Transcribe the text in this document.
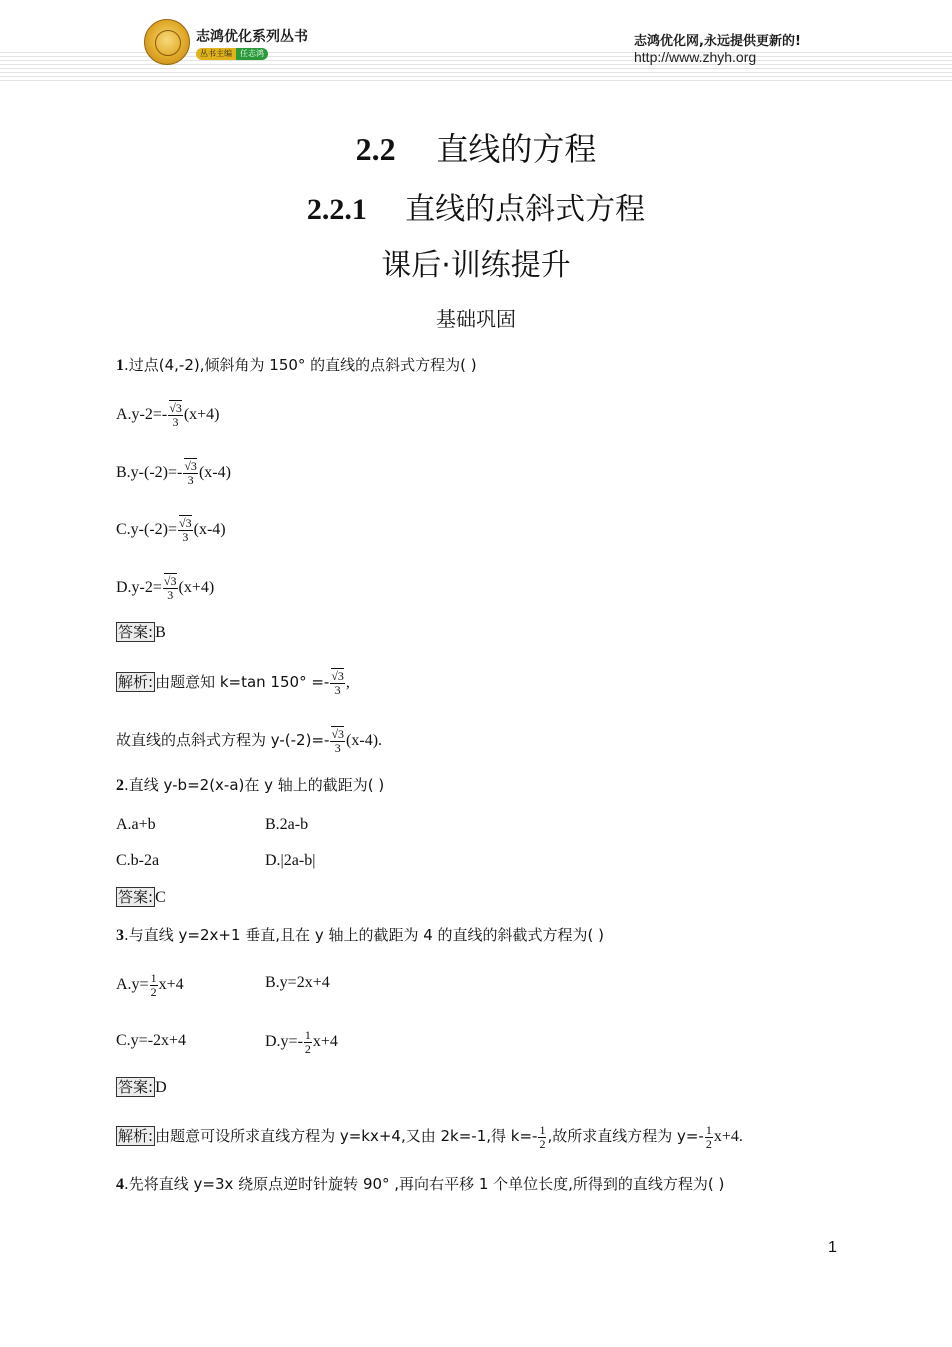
志鸿优化系列丛书
丛书主编	任志鸿
志鸿优化网,永远提供更新的!
http://www.zhyh.org
2.2 直线的方程
2.2.1 直线的点斜式方程
课后·训练提升
基础巩固
1.过点(4,-2),倾斜角为 150° 的直线的点斜式方程为( )
$A.y-2=- \frac{√3}{3} (x+4)$
$B.y-(-2)=- \frac{√3}{3} (x-4)$
$C.y-(-2)= \frac{√3}{3} (x-4)$
$D.y-2= \frac{√3}{3} (x+4)$
答案: B
解析: 由题意知 k=tan $150^\circ =- \frac{√3}{3}$ ,
故直线的点斜式方程为 $y-(-2)=- \frac{√3}{3} (x-4)$.
2.直线 y-b=2(x-a)在 y 轴上的截距为( )
A.a+b	B.2a-b
C.b-2a	D.|2a-b|
答案: C
3.与直线 y=2x+1 垂直,且在 y 轴上的截距为 4 的直线的斜截式方程为( )
$A.y= \frac{1}{2} x+4$	B.y=2x+4
C.y=-2x+4	$D.y=- \frac{1}{2} x+4$
答案: D
解析: 由题意可设所求直线方程为 y=kx+4,又由 2k=-1,得 $k=- \frac{1}{2}$ ,故所求直线方程为 $y=- \frac{1}{2} x+4$.
4.先将直线 y=3x 绕原点逆时针旋转 90° ,再向右平移 1 个单位长度,所得到的直线方程为( )
1
